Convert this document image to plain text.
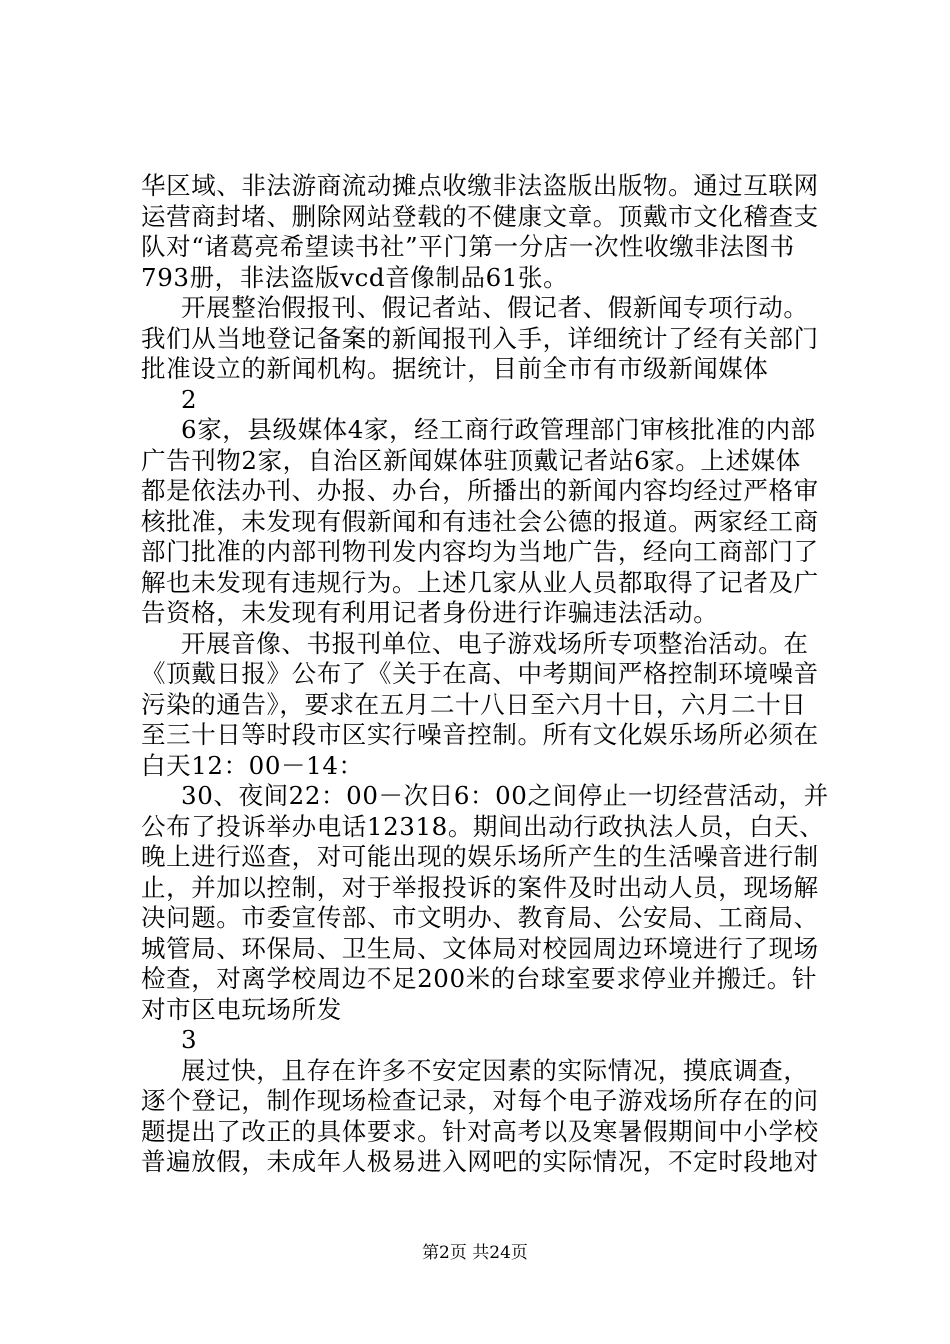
华区域、非法游商流动摊点收缴非法盗版出版物。通过互联网
运营商封堵、删除网站登载的不健康文章。顶戴市文化稽查支
队对“诸葛亮希望读书社”平门第一分店一次性收缴非法图书
793册，非法盗版vcd音像制品61张。
开展整治假报刊、假记者站、假记者、假新闻专项行动。
我们从当地登记备案的新闻报刊入手，详细统计了经有关部门
批准设立的新闻机构。据统计，目前全市有市级新闻媒体
2
6家，县级媒体4家，经工商行政管理部门审核批准的内部
广告刊物2家，自治区新闻媒体驻顶戴记者站6家。上述媒体
都是依法办刊、办报、办台，所播出的新闻内容均经过严格审
核批准，未发现有假新闻和有违社会公德的报道。两家经工商
部门批准的内部刊物刊发内容均为当地广告，经向工商部门了
解也未发现有违规行为。上述几家从业人员都取得了记者及广
告资格，未发现有利用记者身份进行诈骗违法活动。
开展音像、书报刊单位、电子游戏场所专项整治活动。在
《顶戴日报》公布了《关于在高、中考期间严格控制环境噪音
污染的通告》，要求在五月二十八日至六月十日，六月二十日
至三十日等时段市区实行噪音控制。所有文化娱乐场所必须在
白天12：00－14：
30、夜间22：00－次日6：00之间停止一切经营活动，并
公布了投诉举办电话12318。期间出动行政执法人员，白天、
晚上进行巡查，对可能出现的娱乐场所产生的生活噪音进行制
止，并加以控制，对于举报投诉的案件及时出动人员，现场解
决问题。市委宣传部、市文明办、教育局、公安局、工商局、
城管局、环保局、卫生局、文体局对校园周边环境进行了现场
检查，对离学校周边不足200米的台球室要求停业并搬迁。针
对市区电玩场所发
3
展过快，且存在许多不安定因素的实际情况，摸底调查，
逐个登记，制作现场检查记录，对每个电子游戏场所存在的问
题提出了改正的具体要求。针对高考以及寒暑假期间中小学校
普遍放假，未成年人极易进入网吧的实际情况，不定时段地对
第2页 共24页
